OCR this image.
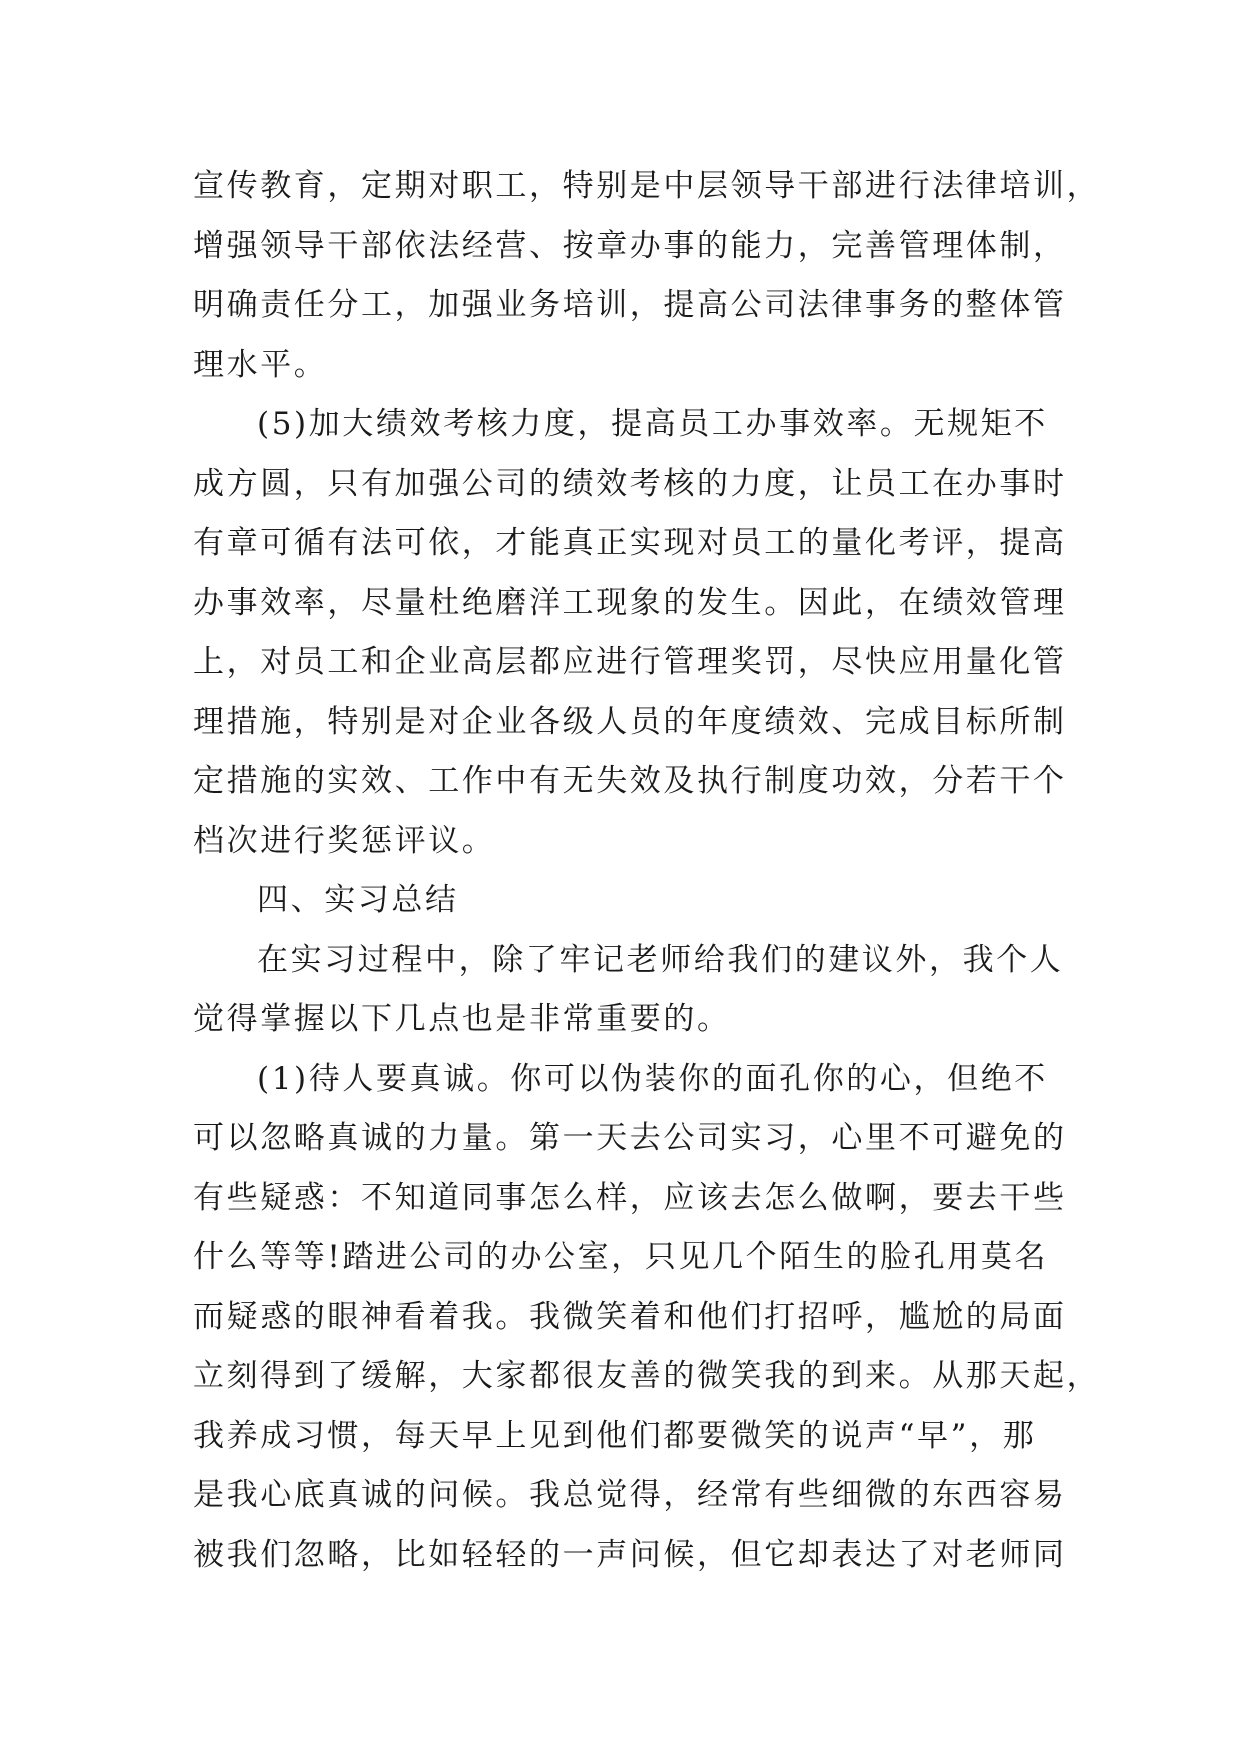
宣传教育，定期对职工，特别是中层领导干部进行法律培训，
增强领导干部依法经营、按章办事的能力，完善管理体制，
明确责任分工，加强业务培训，提高公司法律事务的整体管
理水平。
(5)加大绩效考核力度，提高员工办事效率。无规矩不
成方圆，只有加强公司的绩效考核的力度，让员工在办事时
有章可循有法可依，才能真正实现对员工的量化考评，提高
办事效率，尽量杜绝磨洋工现象的发生。因此，在绩效管理
上，对员工和企业高层都应进行管理奖罚，尽快应用量化管
理措施，特别是对企业各级人员的年度绩效、完成目标所制
定措施的实效、工作中有无失效及执行制度功效，分若干个
档次进行奖惩评议。
四、实习总结
在实习过程中，除了牢记老师给我们的建议外，我个人
觉得掌握以下几点也是非常重要的。
(1)待人要真诚。你可以伪装你的面孔你的心，但绝不
可以忽略真诚的力量。第一天去公司实习，心里不可避免的
有些疑惑：不知道同事怎么样，应该去怎么做啊，要去干些
什么等等!踏进公司的办公室，只见几个陌生的脸孔用莫名
而疑惑的眼神看着我。我微笑着和他们打招呼，尴尬的局面
立刻得到了缓解，大家都很友善的微笑我的到来。从那天起，
我养成习惯，每天早上见到他们都要微笑的说声“早”，那
是我心底真诚的问候。我总觉得，经常有些细微的东西容易
被我们忽略，比如轻轻的一声问候，但它却表达了对老师同
